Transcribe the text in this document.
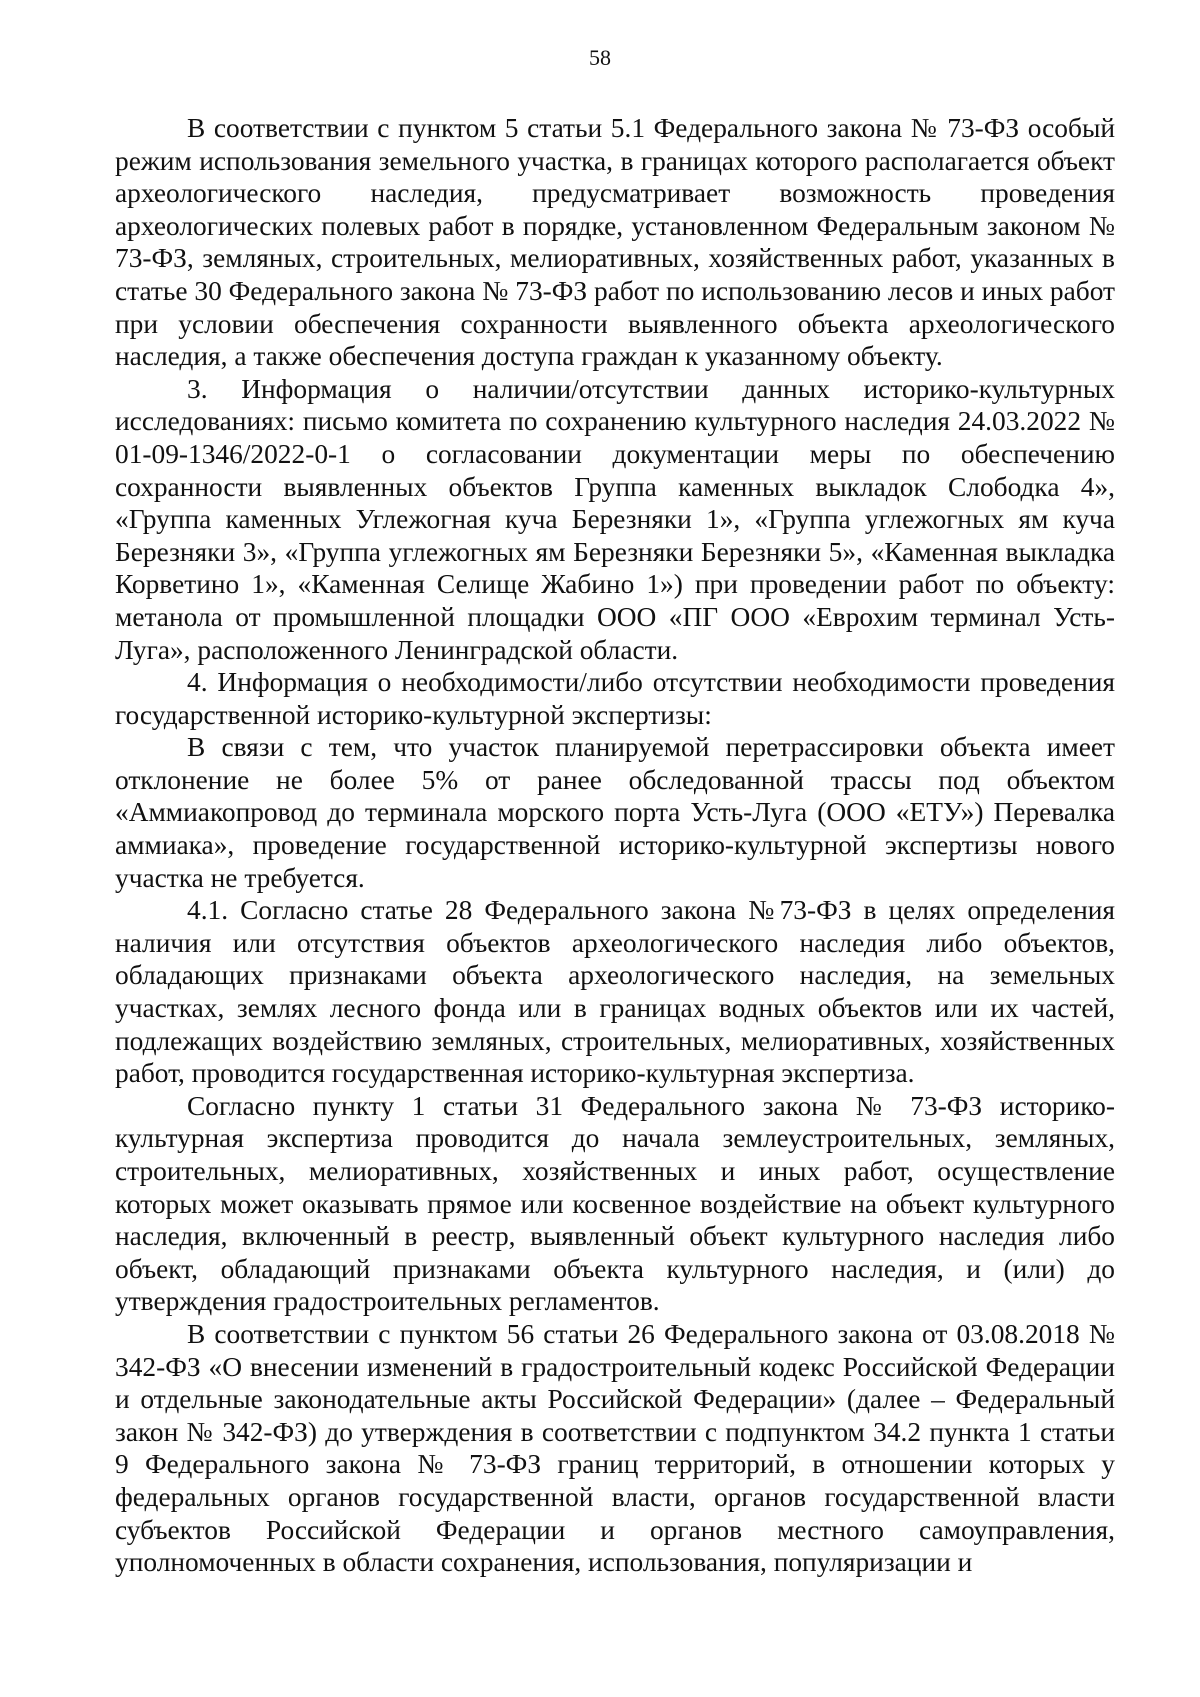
58

В соответствии с пунктом 5 статьи 5.1 Федерального закона № 73-ФЗ особый режим использования земельного участка, в границах которого располагается объект археологического наследия, предусматривает возможность проведения археологических полевых работ в порядке, установленном Федеральным законом № 73-ФЗ, земляных, строительных, мелиоративных, хозяйственных работ, указанных в статье 30 Федерального закона № 73-ФЗ работ по использованию лесов и иных работ при условии обеспечения сохранности выявленного объекта археологического наследия, а также обеспечения доступа граждан к указанному объекту.

3. Информация о наличии/отсутствии данных историко-культурных исследованиях: письмо комитета по сохранению культурного наследия 24.03.2022 № 01-09-1346/2022-0-1 о согласовании документации меры по обеспечению сохранности выявленных объектов Группа каменных выкладок Слободка 4», «Группа каменных Углежогная куча Березняки 1», «Группа углежогных ям куча Березняки 3», «Группа углежогных ям Березняки Березняки 5», «Каменная выкладка Корветино 1», «Каменная Селище Жабино 1») при проведении работ по объекту: метанола от промышленной площадки ООО «ПГ ООО «Еврохим терминал Усть-Луга», расположенного Ленинградской области.

4. Информация о необходимости/либо отсутствии необходимости проведения государственной историко-культурной экспертизы:

В связи с тем, что участок планируемой перетрассировки объекта имеет отклонение не более 5% от ранее обследованной трассы под объектом «Аммиакопровод до терминала морского порта Усть-Луга (ООО «ЕТУ») Перевалка аммиака», проведение государственной историко-культурной экспертизы нового участка не требуется.

4.1. Согласно статье 28 Федерального закона №73-ФЗ в целях определения наличия или отсутствия объектов археологического наследия либо объектов, обладающих признаками объекта археологического наследия, на земельных участках, землях лесного фонда или в границах водных объектов или их частей, подлежащих воздействию земляных, строительных, мелиоративных, хозяйственных работ, проводится государственная историко-культурная экспертиза.

Согласно пункту 1 статьи 31 Федерального закона № 73-ФЗ историко-культурная экспертиза проводится до начала землеустроительных, земляных, строительных, мелиоративных, хозяйственных и иных работ, осуществление которых может оказывать прямое или косвенное воздействие на объект культурного наследия, включенный в реестр, выявленный объект культурного наследия либо объект, обладающий признаками объекта культурного наследия, и (или) до утверждения градостроительных регламентов.

В соответствии с пунктом 56 статьи 26 Федерального закона от 03.08.2018 № 342-ФЗ «О внесении изменений в градостроительный кодекс Российской Федерации и отдельные законодательные акты Российской Федерации» (далее – Федеральный закон № 342-ФЗ) до утверждения в соответствии с подпунктом 34.2 пункта 1 статьи 9 Федерального закона № 73-ФЗ границ территорий, в отношении которых у федеральных органов государственной власти, органов государственной власти субъектов Российской Федерации и органов местного самоуправления, уполномоченных в области сохранения, использования, популяризации и
